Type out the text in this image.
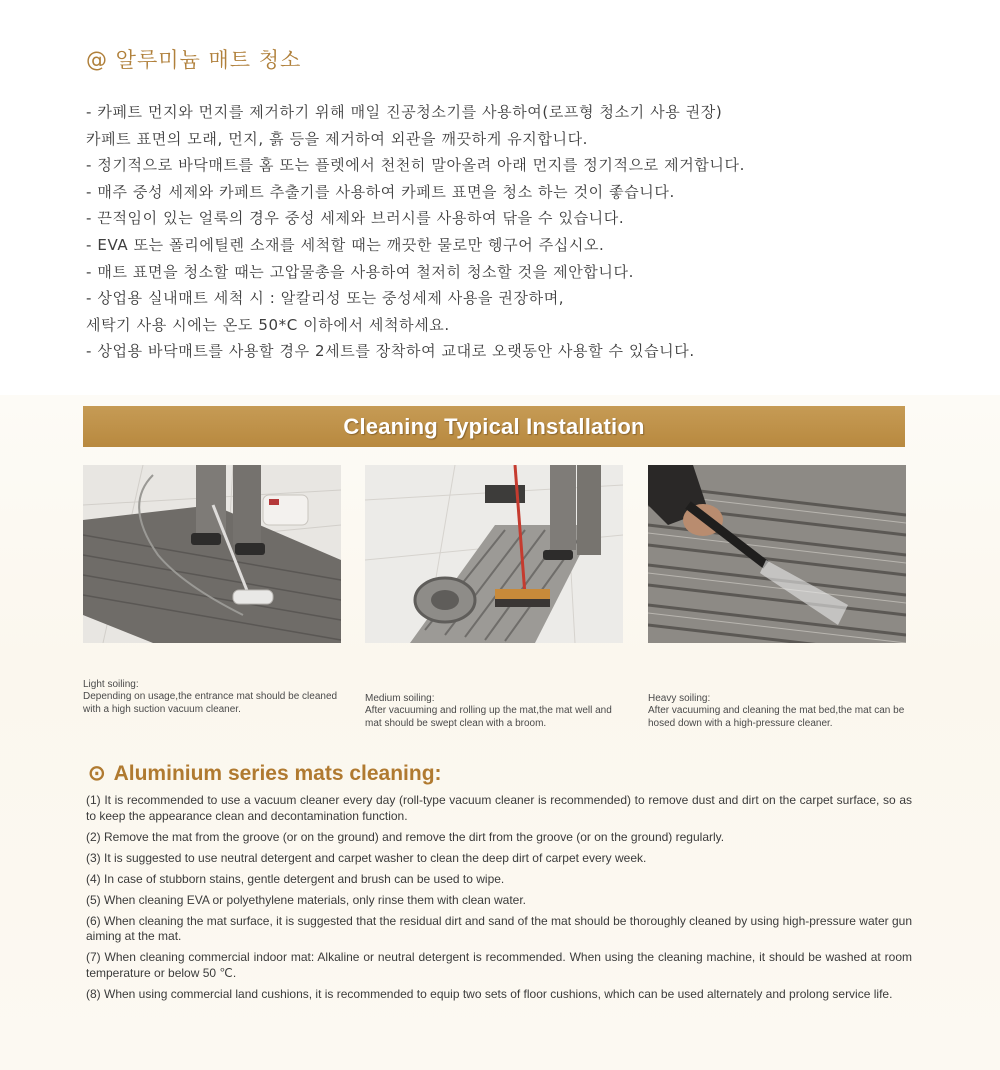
@ 알루미늄 매트 청소
- 카페트 먼지와 먼지를 제거하기 위해 매일 진공청소기를 사용하여(로프형 청소기 사용 권장)
카페트 표면의 모래, 먼지, 흙 등을 제거하여 외관을 깨끗하게 유지합니다.
- 정기적으로 바닥매트를 홈 또는 플렛에서 천천히 말아올려 아래 먼지를 정기적으로 제거합니다.
- 매주 중성 세제와 카페트 추출기를 사용하여 카페트 표면을 청소 하는 것이 좋습니다.
- 끈적임이 있는 얼룩의 경우 중성 세제와 브러시를 사용하여 닦을 수 있습니다.
- EVA 또는 폴리에틸렌 소재를 세척할 때는 깨끗한 물로만 헹구어 주십시오.
- 매트 표면을 청소할 때는 고압물총을 사용하여 철저히 청소할 것을 제안합니다.
- 상업용 실내매트 세척 시 : 알칼리성 또는 중성세제 사용을 권장하며,
세탁기 사용 시에는 온도 50*C 이하에서 세척하세요.
- 상업용 바닥매트를 사용할 경우 2세트를 장착하여 교대로 오랫동안 사용할 수 있습니다.
Cleaning Typical Installation
Light soiling:
Depending on usage,the entrance mat should be cleaned with a high suction vacuum cleaner.
Medium soiling:
After vacuuming and rolling up the mat,the mat well and mat should be swept clean with a broom.
Heavy soiling:
After vacuuming and cleaning the mat bed,the mat can be hosed down with a high-pressure cleaner.
⊙ Aluminium series mats cleaning:
(1) It is recommended to use a vacuum cleaner every day (roll-type vacuum cleaner is recommended) to remove dust and dirt on the carpet surface, so as to keep the appearance clean and decontamination function.
(2) Remove the mat from the groove (or on the ground) and remove the dirt from the groove (or on the ground) regularly.
(3) It is suggested to use neutral detergent and carpet washer to clean the deep dirt of carpet every week.
(4) In case of stubborn stains, gentle detergent and brush can be used to wipe.
(5) When cleaning EVA or polyethylene materials, only rinse them with clean water.
(6) When cleaning the mat surface, it is suggested that the residual dirt and sand of the mat should be thoroughly cleaned by using high-pressure water gun aiming at the mat.
(7) When cleaning commercial indoor mat: Alkaline or neutral detergent is recommended. When using the cleaning machine, it should be washed at room temperature or below 50 ℃.
(8) When using commercial land cushions, it is recommended to equip two sets of floor cushions, which can be used alternately and prolong service life.
